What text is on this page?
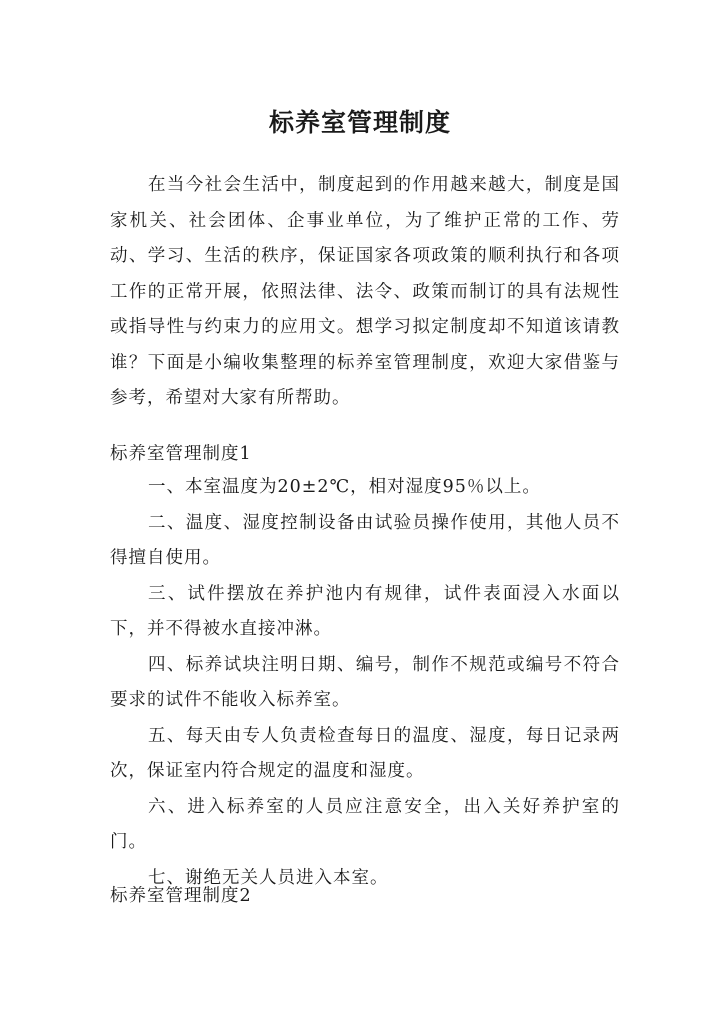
标养室管理制度

在当今社会生活中，制度起到的作用越来越大，制度是国家机关、社会团体、企事业单位，为了维护正常的工作、劳动、学习、生活的秩序，保证国家各项政策的顺利执行和各项工作的正常开展，依照法律、法令、政策而制订的具有法规性或指导性与约束力的应用文。想学习拟定制度却不知道该请教谁？下面是小编收集整理的标养室管理制度，欢迎大家借鉴与参考，希望对大家有所帮助。

标养室管理制度1

一、本室温度为20±2℃，相对湿度95％以上。

二、温度、湿度控制设备由试验员操作使用，其他人员不得擅自使用。

三、试件摆放在养护池内有规律，试件表面浸入水面以下，并不得被水直接冲淋。

四、标养试块注明日期、编号，制作不规范或编号不符合要求的试件不能收入标养室。

五、每天由专人负责检查每日的温度、湿度，每日记录两次，保证室内符合规定的温度和湿度。

六、进入标养室的人员应注意安全，出入关好养护室的门。

七、谢绝无关人员进入本室。

标养室管理制度2
